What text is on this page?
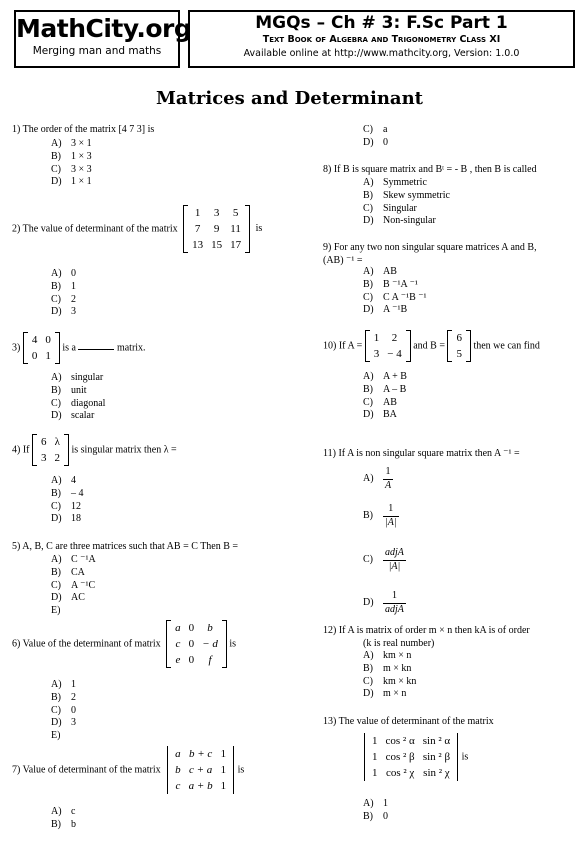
MathCity.org
Merging man and maths
MGQs – Ch # 3: F.Sc Part 1
Text Book of Algebra and Trigonometry Class XI
Available online at http://www.mathcity.org, Version: 1.0.0
Matrices and Determinant
1) The order of the matrix [4 7 3] is
A) 3 × 1
B) 1 × 3
C) 3 × 3
D) 1 × 1
2) The value of determinant of the matrix
1	3	5
7	9	11
13	15	17
is
A) 0
B) 1
C) 2
D) 3
3)
4	0
0	1
is a	matrix.
A) singular
B) unit
C) diagonal
D) scalar
4) If
6	λ
3	2
is singular matrix then λ =
A) 4
B) – 4
C) 12
D) 18
5) A, B, C are three matrices such that AB = C Then B =
A) C ⁻¹A
B) CA
C) A ⁻¹C
D) AC
E)
6) Value of the determinant of matrix
a	0	b
c	0	− d
e	0	f
is
A) 1
B) 2
C) 0
D) 3
E)
7) Value of determinant of the matrix
a	b + c	1
b	c + a	1
c	a + b	1
is
A) c
B) b
C) a
D) 0
8) If B is square matrix and Bᵗ = - B , then B is called
A) Symmetric
B) Skew symmetric
C) Singular
D) Non-singular
9) For any two non singular square matrices A and B,
(AB) ⁻¹ =
A) AB
B) B ⁻¹A ⁻¹
C) C A ⁻¹B ⁻¹
D) A ⁻¹B
10) If A =
1	2
3	− 4
and B =
6
5
then we can find
A) A + B
B) A – B
C) AB
D) BA
11) If A is non singular square matrix then A ⁻¹ =
$A) \frac{1}{A}$
B)	$\frac{1}{|A|}$
C)	$\frac{\text{adjA}}{|A|}$
$D) \frac{1}{\text{adjA}}$
12) If A is matrix of order m × n then kA is of order
(k is real number)
A) km × n
B) m × kn
C) km × kn
D) m × n
13) The value of determinant of the matrix
1	cos ² α	sin ² α
1	cos ² β	sin ² β
1	cos ² χ	sin ² χ
is
A) 1
B) 0
